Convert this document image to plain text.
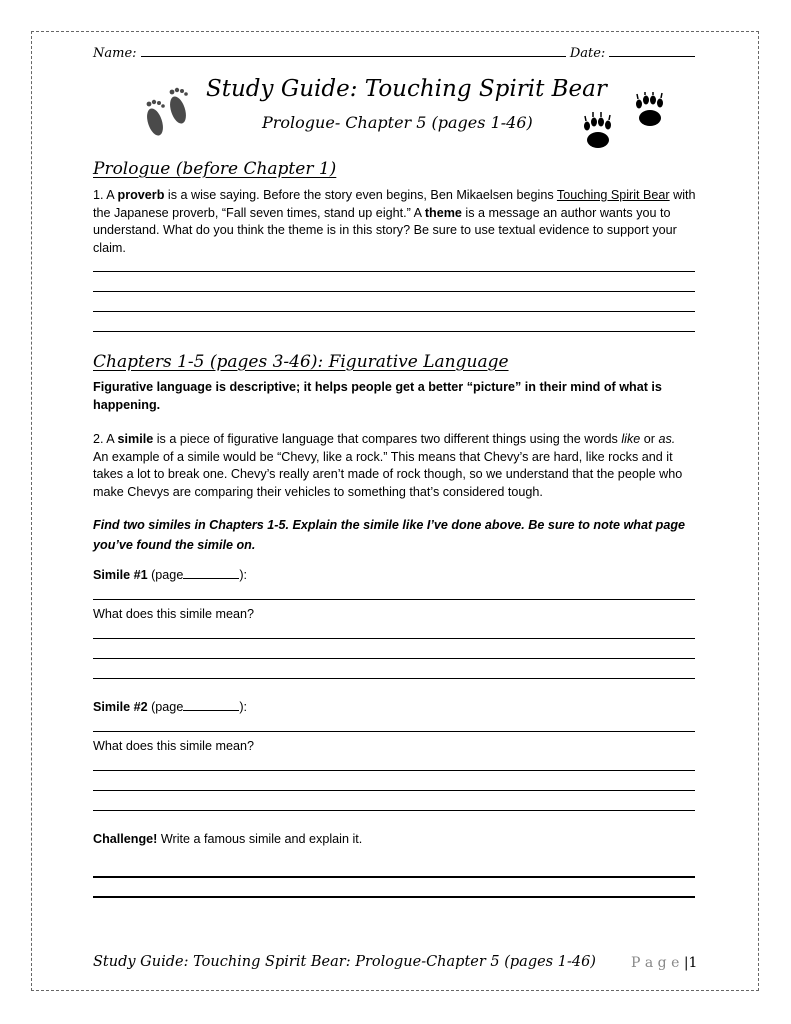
Name:	Date:
Study Guide: Touching Spirit Bear
Prologue- Chapter 5 (pages 1-46)
Prologue (before Chapter 1)
1. A proverb is a wise saying. Before the story even begins, Ben Mikaelsen begins Touching Spirit Bear with the Japanese proverb, “Fall seven times, stand up eight.” A theme is a message an author wants you to understand. What do you think the theme is in this story? Be sure to use textual evidence to support your claim.
Chapters 1-5 (pages 3-46): Figurative Language
Figurative language is descriptive; it helps people get a better “picture” in their mind of what is happening.
2. A simile is a piece of figurative language that compares two different things using the words like or as. An example of a simile would be “Chevy, like a rock.” This means that Chevy’s are hard, like rocks and it takes a lot to break one. Chevy’s really aren’t made of rock though, so we understand that the people who make Chevys are comparing their vehicles to something that’s considered tough.
Find two similes in Chapters 1-5. Explain the simile like I’ve done above. Be sure to note what page you’ve found the simile on.
Simile #1 (page	):
What does this simile mean?
Simile #2 (page	):
What does this simile mean?
Challenge! Write a famous simile and explain it.
Study Guide: Touching Spirit Bear: Prologue-Chapter 5 (pages 1-46)	P a g e |1
